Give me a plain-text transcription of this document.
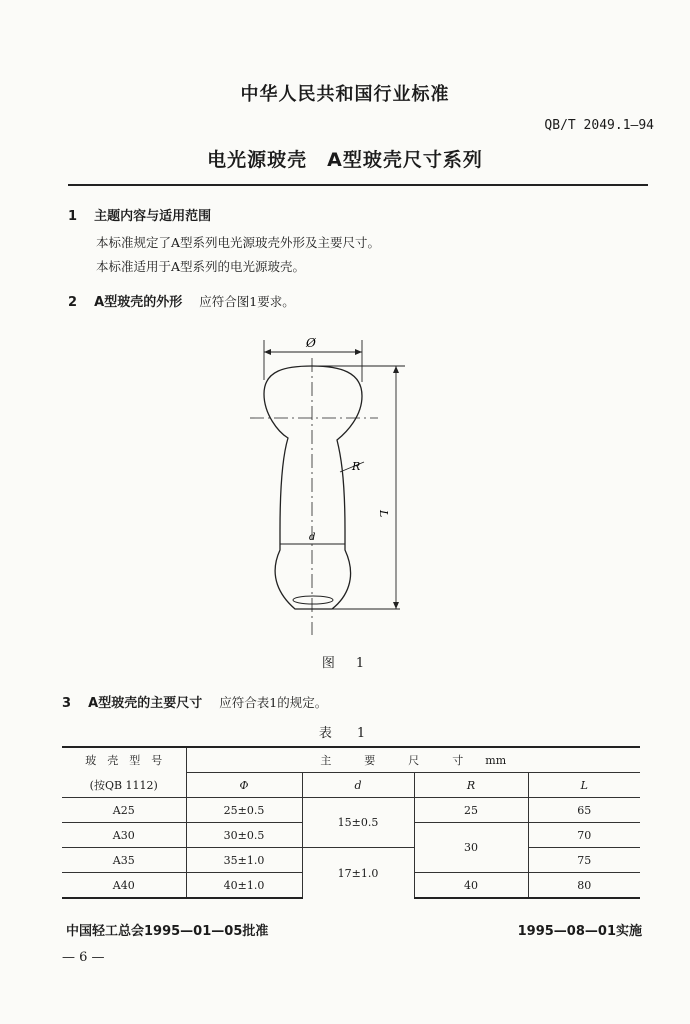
中华人民共和国行业标准
QB/T 2049.1—94
电光源玻壳　A型玻壳尺寸系列
1 主题内容与适用范围
本标准规定了A型系列电光源玻壳外形及主要尺寸。
本标准适用于A型系列的电光源玻壳。
2 A型玻壳的外形 应符合图1要求。
Ø
R
L
d
图　1
3 A型玻壳的主要尺寸 应符合表1的规定。
表　1
玻　壳　型　号	主　　　要　　　尺　　　寸　　mm			
(按QB 1112)	Φ	d	R	L
A25	25±0.5	15±0.5	25	65
A30	30±0.5		30	70
A35	35±1.0	17±1.0		75
A40	40±1.0		40	80
中国轻工总会1995—01—05批准	1995—08—01实施
— 6 —
